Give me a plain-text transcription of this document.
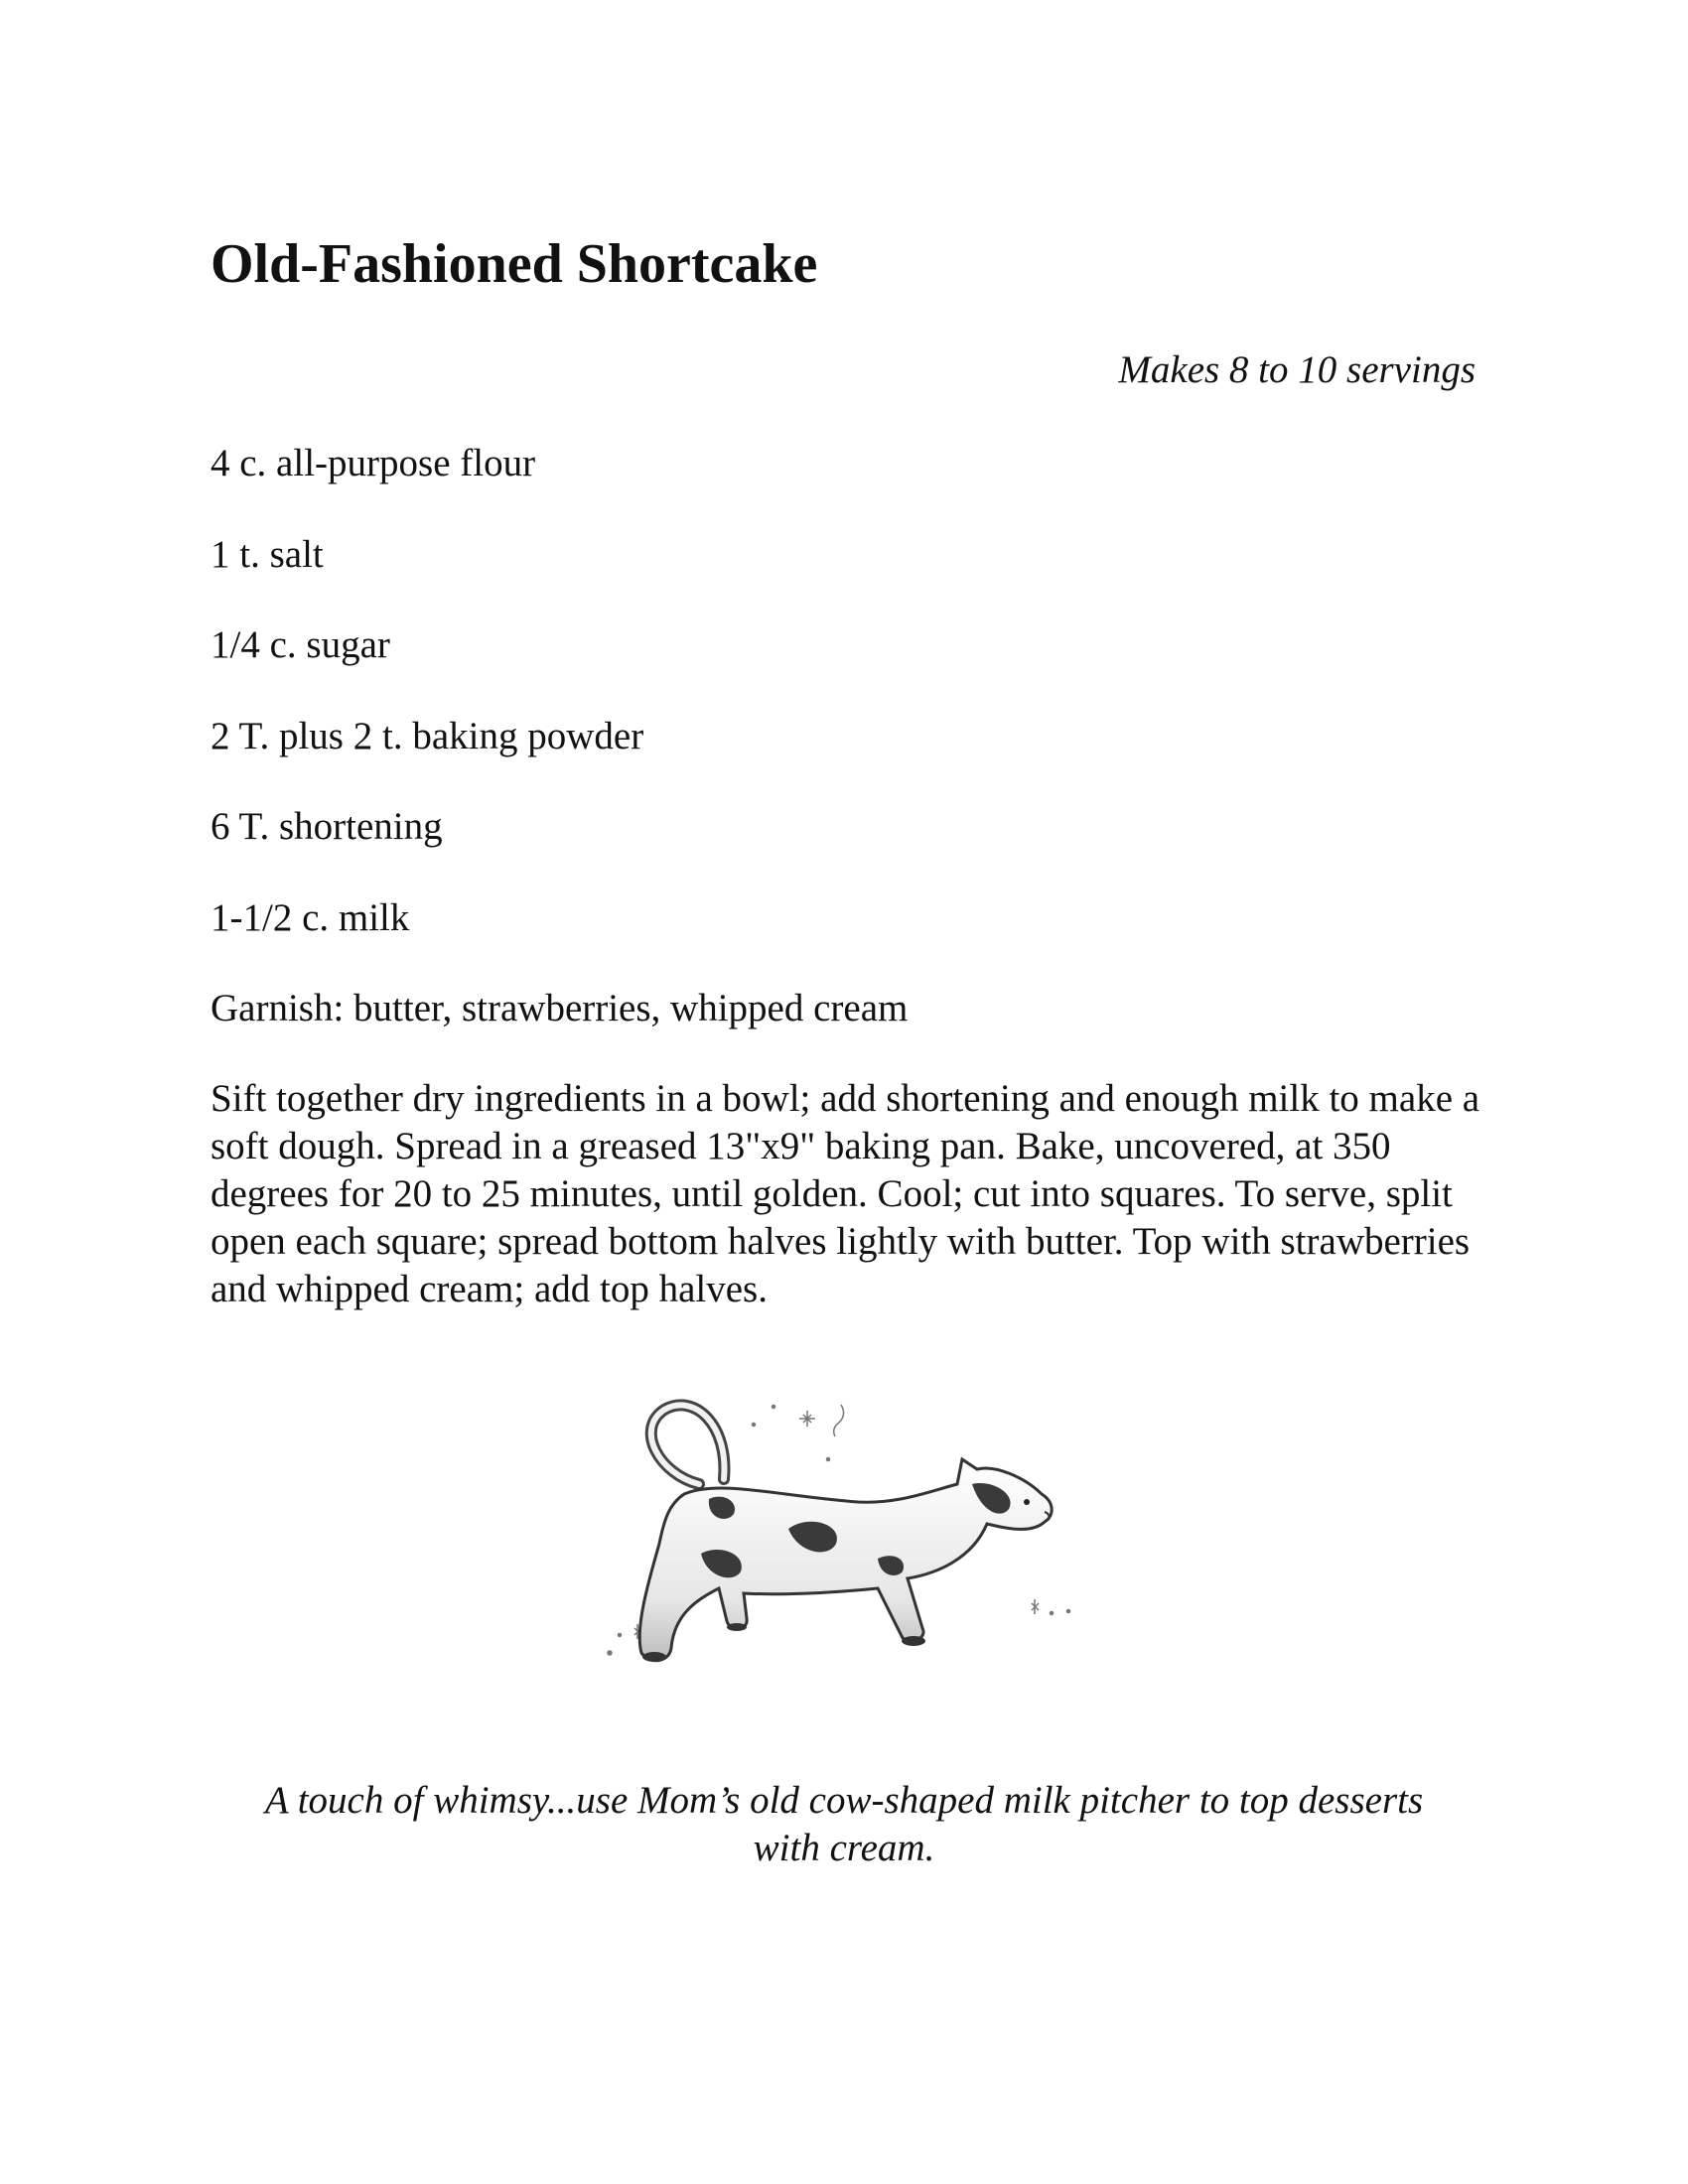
Old-Fashioned Shortcake
Makes 8 to 10 servings
4 c. all-purpose flour
1 t. salt
1/4 c. sugar
2 T. plus 2 t. baking powder
6 T. shortening
1-1/2 c. milk
Garnish: butter, strawberries, whipped cream

Sift together dry ingredients in a bowl; add shortening and enough milk to make a soft dough. Spread in a greased 13"x9" baking pan. Bake, uncovered, at 350 degrees for 20 to 25 minutes, until golden. Cool; cut into squares. To serve, split open each square; spread bottom halves lightly with butter. Top with strawberries and whipped cream; add top halves.

A touch of whimsy...use Mom’s old cow-shaped milk pitcher to top desserts with cream.
